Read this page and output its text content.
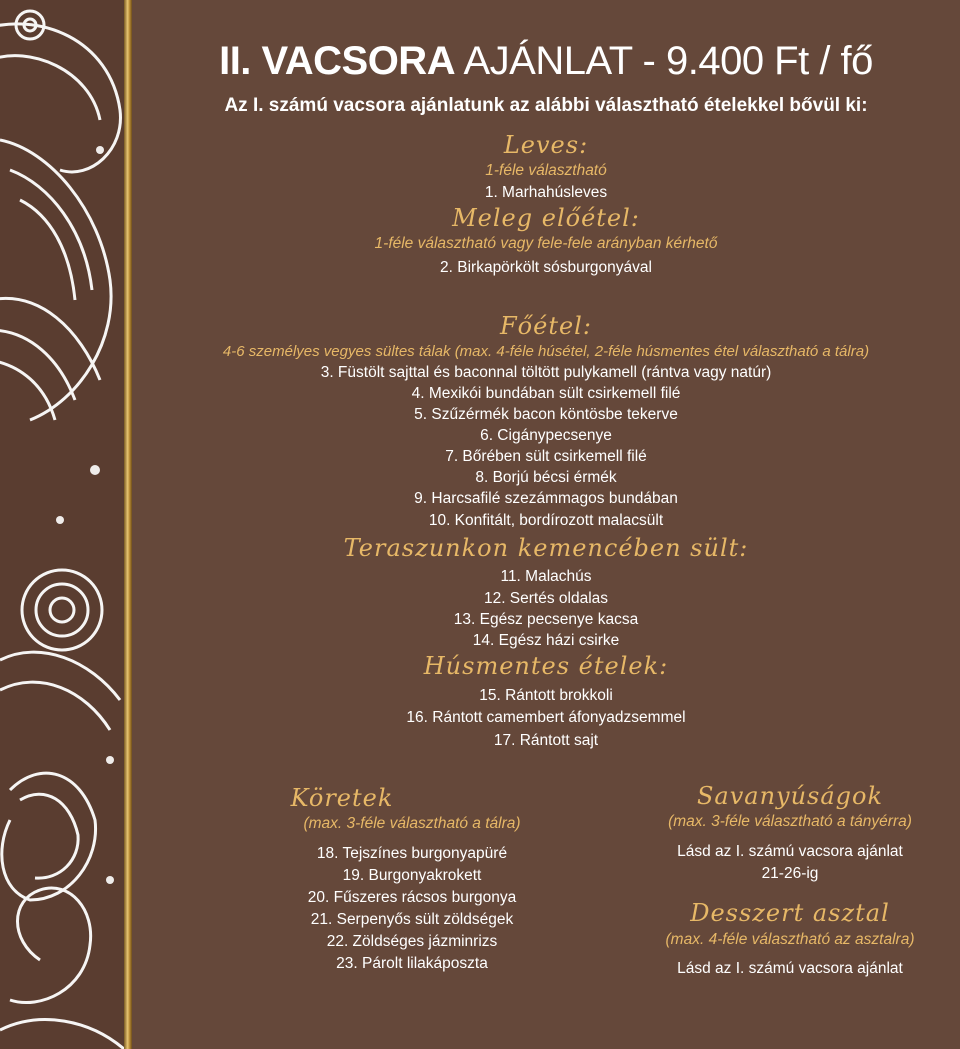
II. VACSORA AJÁNLAT - 9.400 Ft / fő
Az I. számú vacsora ajánlatunk az alábbi választható ételekkel bővül ki:
Leves:
1-féle választható
1. Marhahúsleves
Meleg előétel:
1-féle választható vagy fele-fele arányban kérhető
2. Birkapörkölt sósburgonyával
Főétel:
4-6 személyes vegyes sültes tálak (max. 4-féle húsétel, 2-féle húsmentes étel választható a tálra)
3. Füstölt sajttal és baconnal töltött pulykamell (rántva vagy natúr)
4. Mexikói bundában sült csirkemell filé
5. Szűzérmék bacon köntösbe tekerve
6. Cigánypecsenye
7. Bőrében sült csirkemell filé
8. Borjú bécsi érmék
9. Harcsafilé szezámmagos bundában
10. Konfitált, bordírozott malacsült
Teraszunkon kemencében sült:
11. Malachús
12. Sertés oldalas
13. Egész pecsenye kacsa
14. Egész házi csirke
Húsmentes ételek:
15. Rántott brokkoli
16. Rántott camembert áfonyadzsemmel
17. Rántott sajt
Köretek
(max. 3-féle választható a tálra)
18. Tejszínes burgonyapüré
19. Burgonyakrokett
20. Fűszeres rácsos burgonya
21. Serpenyős sült zöldségek
22. Zöldséges jázminrizs
23. Párolt lilakáposzta
Savanyúságok
(max. 3-féle választható a tányérra)
Lásd az I. számú vacsora ajánlat
21-26-ig
Desszert asztal
(max. 4-féle választható az asztalra)
Lásd az I. számú vacsora ajánlat
